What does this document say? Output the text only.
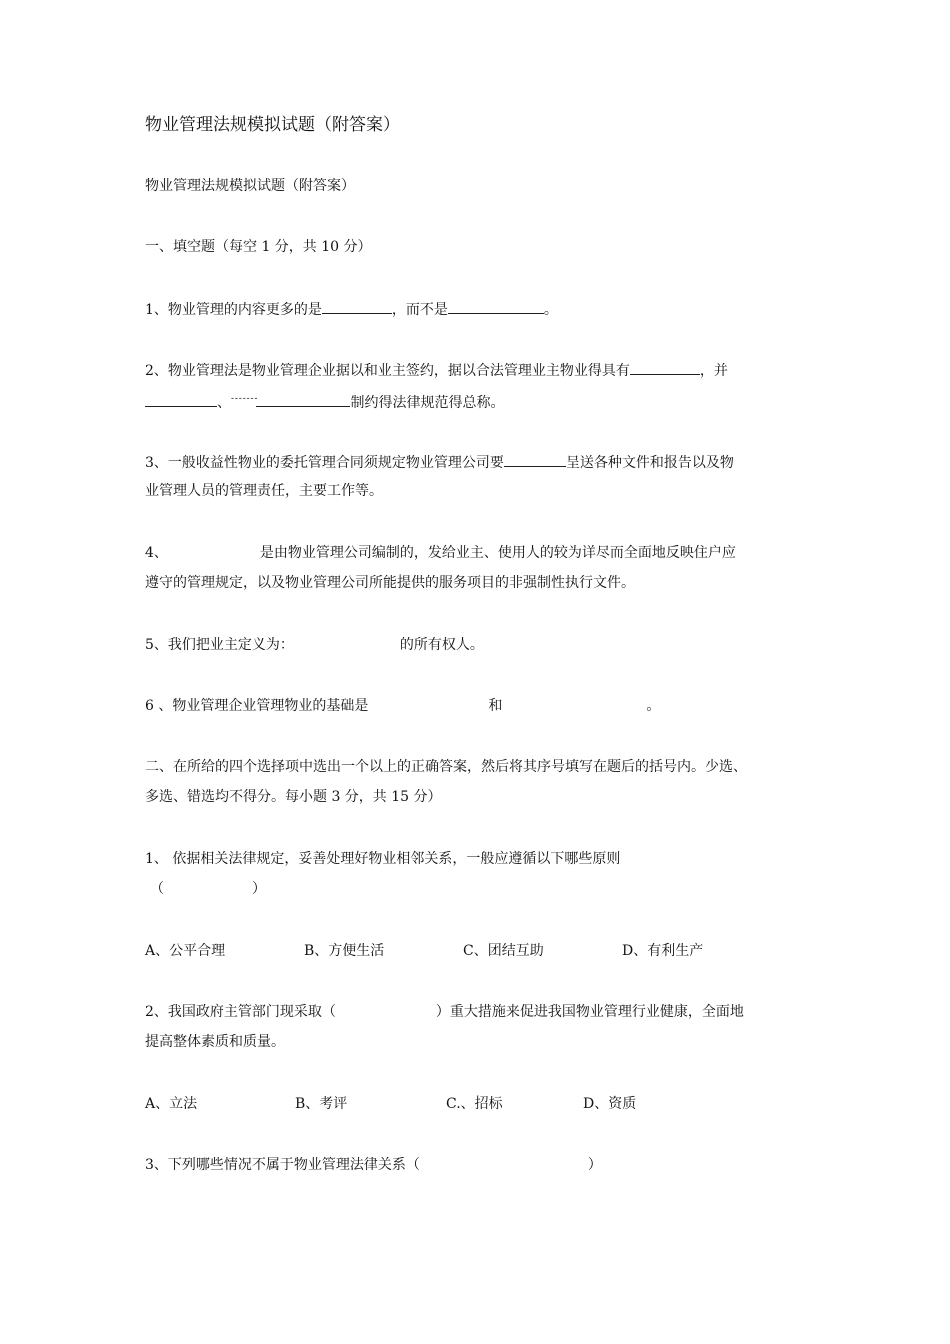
物业管理法规模拟试题（附答案）
物业管理法规模拟试题（附答案）
一、填空题（每空 1 分，共 10 分）
1、物业管理的内容更多的是	，而不是	。
2、物业管理法是物业管理企业据以和业主签约，据以合法管理业主物业得具有	，并
、- - - - - - -	制约得法律规范得总称。
3、一般收益性物业的委托管理合同须规定物业管理公司要	呈送各种文件和报告以及物
业管理人员的管理责任，主要工作等。
4、	是由物业管理公司编制的，发给业主、使用人的较为详尽而全面地反映住户应
遵守的管理规定，以及物业管理公司所能提供的服务项目的非强制性执行文件。
5、我们把业主定义为：	的所有权人。
6 、物业管理企业管理物业的基础是	和	。
二、在所给的四个选择项中选出一个以上的正确答案，然后将其序号填写在题后的括号内。少选、
多选、错选均不得分。每小题 3 分，共 15 分）
1、 依据相关法律规定，妥善处理好物业相邻关系，一般应遵循以下哪些原则
（	）
A、公平合理	B、方便生活	C、团结互助	D、有利生产
2、我国政府主管部门现采取（	）重大措施来促进我国物业管理行业健康，全面地
提高整体素质和质量。
A、立法	B、考评	C.、招标	D、资质
3、下列哪些情况不属于物业管理法律关系（	）
